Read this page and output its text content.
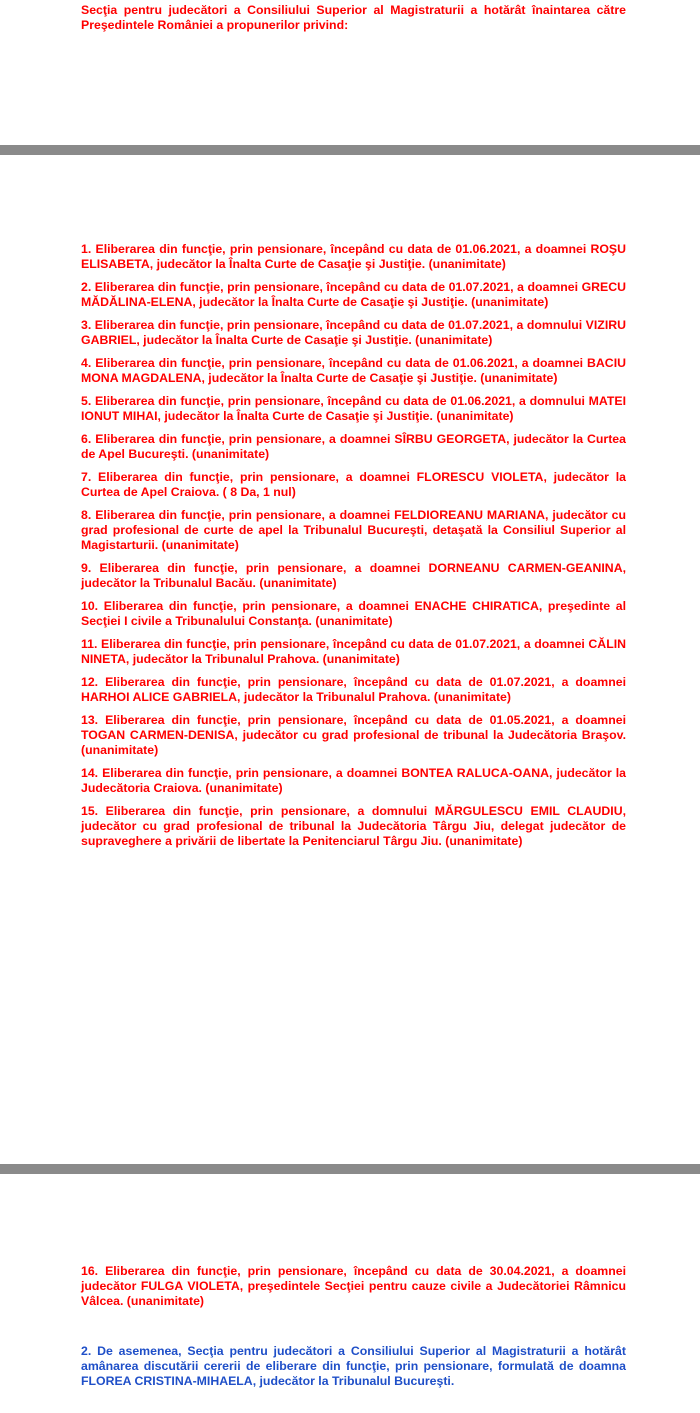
Secţia pentru judecători a Consiliului Superior al Magistraturii a hotărât înaintarea către Preşedintele României a propunerilor privind:

1. Eliberarea din funcţie, prin pensionare, începând cu data de 01.06.2021, a doamnei ROŞU ELISABETA, judecător la Înalta Curte de Casaţie şi Justiţie. (unanimitate)

2. Eliberarea din funcţie, prin pensionare, începând cu data de 01.07.2021, a doamnei GRECU MĂDĂLINA-ELENA, judecător la Înalta Curte de Casaţie şi Justiţie. (unanimitate)

3. Eliberarea din funcţie, prin pensionare, începând cu data de 01.07.2021, a domnului VIZIRU GABRIEL, judecător la Înalta Curte de Casaţie şi Justiţie. (unanimitate)

4. Eliberarea din funcţie, prin pensionare, începând cu data de 01.06.2021, a doamnei BACIU MONA MAGDALENA, judecător la Înalta Curte de Casaţie şi Justiţie. (unanimitate)

5. Eliberarea din funcţie, prin pensionare, începând cu data de 01.06.2021, a domnului MATEI IONUT MIHAI, judecător la Înalta Curte de Casaţie şi Justiţie. (unanimitate)

6. Eliberarea din funcţie, prin pensionare, a doamnei SÎRBU GEORGETA, judecător la Curtea de Apel Bucureşti. (unanimitate)

7. Eliberarea din funcţie, prin pensionare, a doamnei FLORESCU VIOLETA, judecător la Curtea de Apel Craiova. ( 8 Da, 1 nul)

8. Eliberarea din funcţie, prin pensionare, a doamnei FELDIOREANU MARIANA, judecător cu grad profesional de curte de apel la Tribunalul Bucureşti, detaşată la Consiliul Superior al Magistarturii. (unanimitate)

9. Eliberarea din funcţie, prin pensionare, a doamnei DORNEANU CARMEN-GEANINA, judecător la Tribunalul Bacău. (unanimitate)

10. Eliberarea din funcţie, prin pensionare, a doamnei ENACHE CHIRATICA, preşedinte al Secţiei I civile a Tribunalului Constanţa. (unanimitate)

11. Eliberarea din funcţie, prin pensionare, începând cu data de 01.07.2021, a doamnei CĂLIN NINETA, judecător la Tribunalul Prahova. (unanimitate)

12. Eliberarea din funcţie, prin pensionare, începând cu data de 01.07.2021, a doamnei HARHOI ALICE GABRIELA, judecător la Tribunalul Prahova. (unanimitate)

13. Eliberarea din funcţie, prin pensionare, începând cu data de 01.05.2021, a doamnei TOGAN CARMEN-DENISA, judecător cu grad profesional de tribunal la Judecătoria Braşov. (unanimitate)

14. Eliberarea din funcţie, prin pensionare, a doamnei BONTEA RALUCA-OANA, judecător la Judecătoria Craiova. (unanimitate)

15. Eliberarea din funcţie, prin pensionare, a domnului MĂRGULESCU EMIL CLAUDIU, judecător cu grad profesional de tribunal la Judecătoria Târgu Jiu, delegat judecător de supraveghere a privării de libertate la Penitenciarul Târgu Jiu. (unanimitate)

16. Eliberarea din funcţie, prin pensionare, începând cu data de 30.04.2021, a doamnei judecător FULGA VIOLETA, preşedintele Secţiei pentru cauze civile a Judecătoriei Râmnicu Vâlcea. (unanimitate)

2. De asemenea, Secţia pentru judecători a Consiliului Superior al Magistraturii a hotărât amânarea discutării cererii de eliberare din funcţie, prin pensionare, formulată de doamna FLOREA CRISTINA-MIHAELA, judecător la Tribunalul Bucureşti.
